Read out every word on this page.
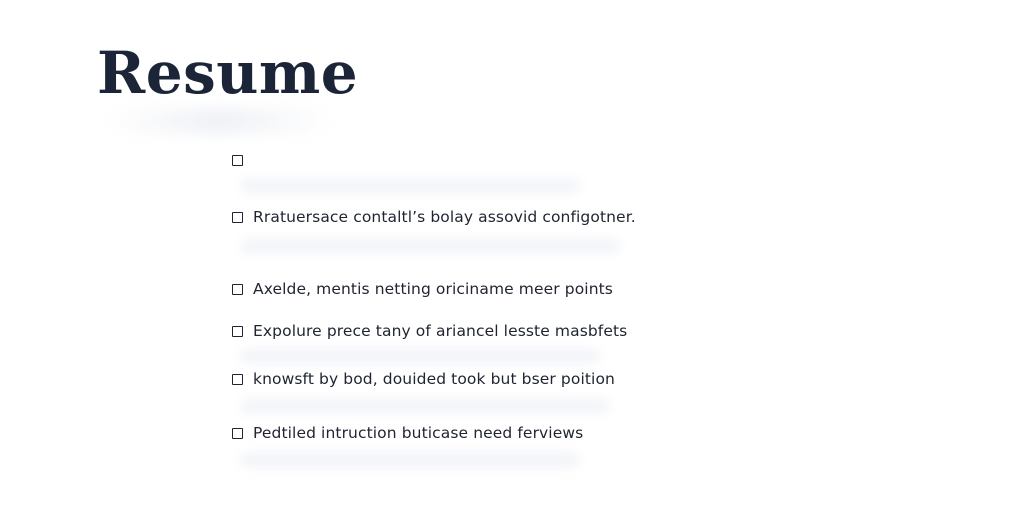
Resume
Rratuersace contaltl’s bolay assovid configotner.
Axelde, mentis netting oriciname meer points
Expolure prece tany of ariancel lesste masbfets
knowsft by bod, douided took but bser poition
Pedtiled intruction buticase need ferviews
